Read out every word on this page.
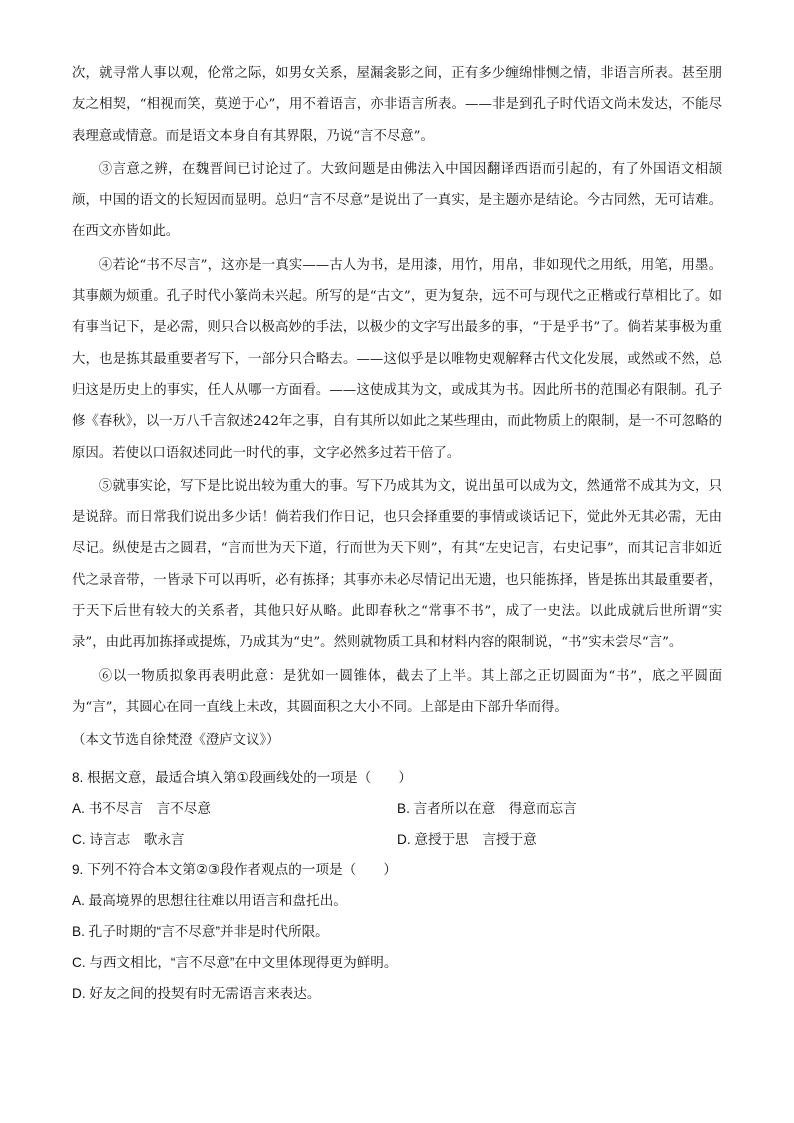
次，就寻常人事以观，伦常之际，如男女关系，屋漏衾影之间，正有多少缠绵悱恻之情，非语言所表。甚至朋友之相契，“相视而笑，莫逆于心”，用不着语言，亦非语言所表。——非是到孔子时代语文尚未发达，不能尽表理意或情意。而是语文本身自有其界限，乃说“言不尽意”。

③言意之辨，在魏晋间已讨论过了。大致问题是由佛法入中国因翻译西语而引起的，有了外国语文相颉颃，中国的语文的长短因而显明。总归“言不尽意”是说出了一真实，是主题亦是结论。今古同然，无可诘难。在西文亦皆如此。

④若论“书不尽言”，这亦是一真实——古人为书，是用漆，用竹，用帛，非如现代之用纸，用笔，用墨。其事颇为烦重。孔子时代小篆尚未兴起。所写的是“古文”，更为复杂，远不可与现代之正楷或行草相比了。如有事当记下，是必需，则只合以极高妙的手法，以极少的文字写出最多的事，“于是乎书”了。倘若某事极为重大，也是拣其最重要者写下，一部分只合略去。——这似乎是以唯物史观解释古代文化发展，或然或不然，总归这是历史上的事实，任人从哪一方面看。——这使成其为文，或成其为书。因此所书的范围必有限制。孔子修《春秋》，以一万八千言叙述242年之事，自有其所以如此之某些理由，而此物质上的限制，是一不可忽略的原因。若使以口语叙述同此一时代的事，文字必然多过若干倍了。

⑤就事实论，写下是比说出较为重大的事。写下乃成其为文，说出虽可以成为文，然通常不成其为文，只是说辞。而日常我们说出多少话！倘若我们作日记，也只会择重要的事情或谈话记下，觉此外无其必需，无由尽记。纵使是古之圆君，“言而世为天下道，行而世为天下则”，有其“左史记言，右史记事”，而其记言非如近代之录音带，一皆录下可以再听，必有拣择；其事亦未必尽情记出无遗，也只能拣择，皆是拣出其最重要者，于天下后世有较大的关系者，其他只好从略。此即春秋之“常事不书”，成了一史法。以此成就后世所谓“实录”，由此再加拣择或提炼，乃成其为“史”。然则就物质工具和材料内容的限制说，“书”实未尝尽“言”。

⑥以一物质拟象再表明此意：是犹如一圆锥体，截去了上半。其上部之正切圆面为“书”，底之平圆面为“言”，其圆心在同一直线上未改，其圆面积之大小不同。上部是由下部升华而得。

（本文节选自徐梵澄《澄庐文议》）

8. 根据文意，最适合填入第①段画线处的一项是（　　）

A. 书不尽言　言不尽意	B. 言者所以在意　得意而忘言
C. 诗言志　歌永言	D. 意授于思　言授于意

9. 下列不符合本文第②③段作者观点的一项是（　　）

A. 最高境界的思想往往难以用语言和盘托出。

B. 孔子时期的“言不尽意”并非是时代所限。

C. 与西文相比，“言不尽意”在中文里体现得更为鲜明。

D. 好友之间的投契有时无需语言来表达。
